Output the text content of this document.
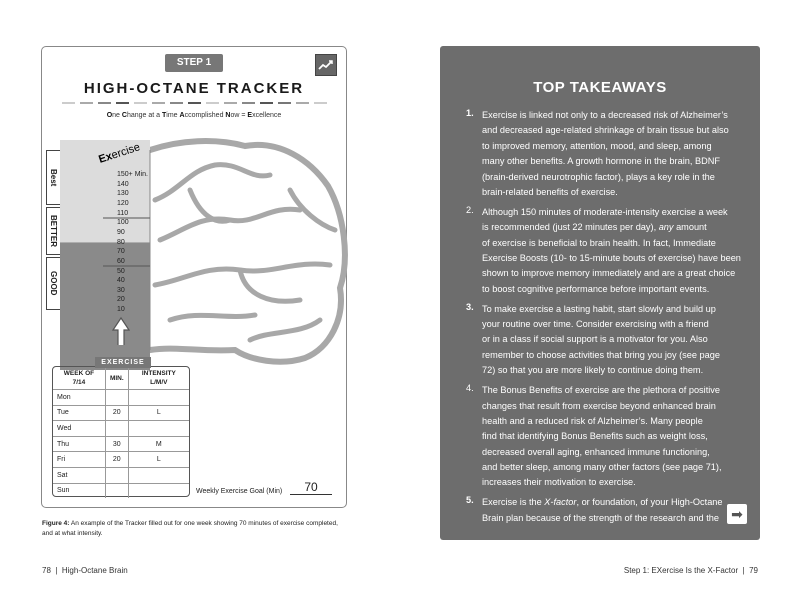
STEP 1
HIGH-OCTANE TRACKER
One Change at a Time Accomplished Now = Excellence
Exercise
150+ Min.
140
130
120
110
100
90
80
70
60
50
40
30
20
10
Best
BETTER
GOOD
WEEK OF 7/14	MIN.	INTENSITY L/M/V
Mon		
Tue	20	L
Wed		
Thu	30	M
Fri	20	L
Sat		
Sun		
EXERCISE
Weekly Exercise Goal (Min)	70
Figure 4: An example of the Tracker filled out for one week showing 70 minutes of exercise completed, and at what intensity.
78  |  High-Octane Brain	Step 1: EXercise Is the X-Factor  |  79
TOP TAKEAWAYS
1. Exercise is linked not only to a decreased risk of Alzheimer’s
and decreased age-related shrinkage of brain tissue but also
to improved memory, attention, mood, and sleep, among
many other benefits. A growth hormone in the brain, BDNF
(brain-derived neurotrophic factor), plays a key role in the
brain-related benefits of exercise.
2. Although 150 minutes of moderate-intensity exercise a week
is recommended (just 22 minutes per day), any amount
of exercise is beneficial to brain health. In fact, Immediate
Exercise Boosts (10- to 15-minute bouts of exercise) have been
shown to improve memory immediately and are a great choice
to boost cognitive performance before important events.
3. To make exercise a lasting habit, start slowly and build up
your routine over time. Consider exercising with a friend
or in a class if social support is a motivator for you. Also
remember to choose activities that bring you joy (see page
72) so that you are more likely to continue doing them.
4. The Bonus Benefits of exercise are the plethora of positive
changes that result from exercise beyond enhanced brain
health and a reduced risk of Alzheimer’s. Many people
find that identifying Bonus Benefits such as weight loss,
decreased overall aging, enhanced immune functioning,
and better sleep, among many other factors (see page 71),
increases their motivation to exercise.
5. Exercise is the X-factor, or foundation, of your High-Octane
Brain plan because of the strength of the research and the ➡
